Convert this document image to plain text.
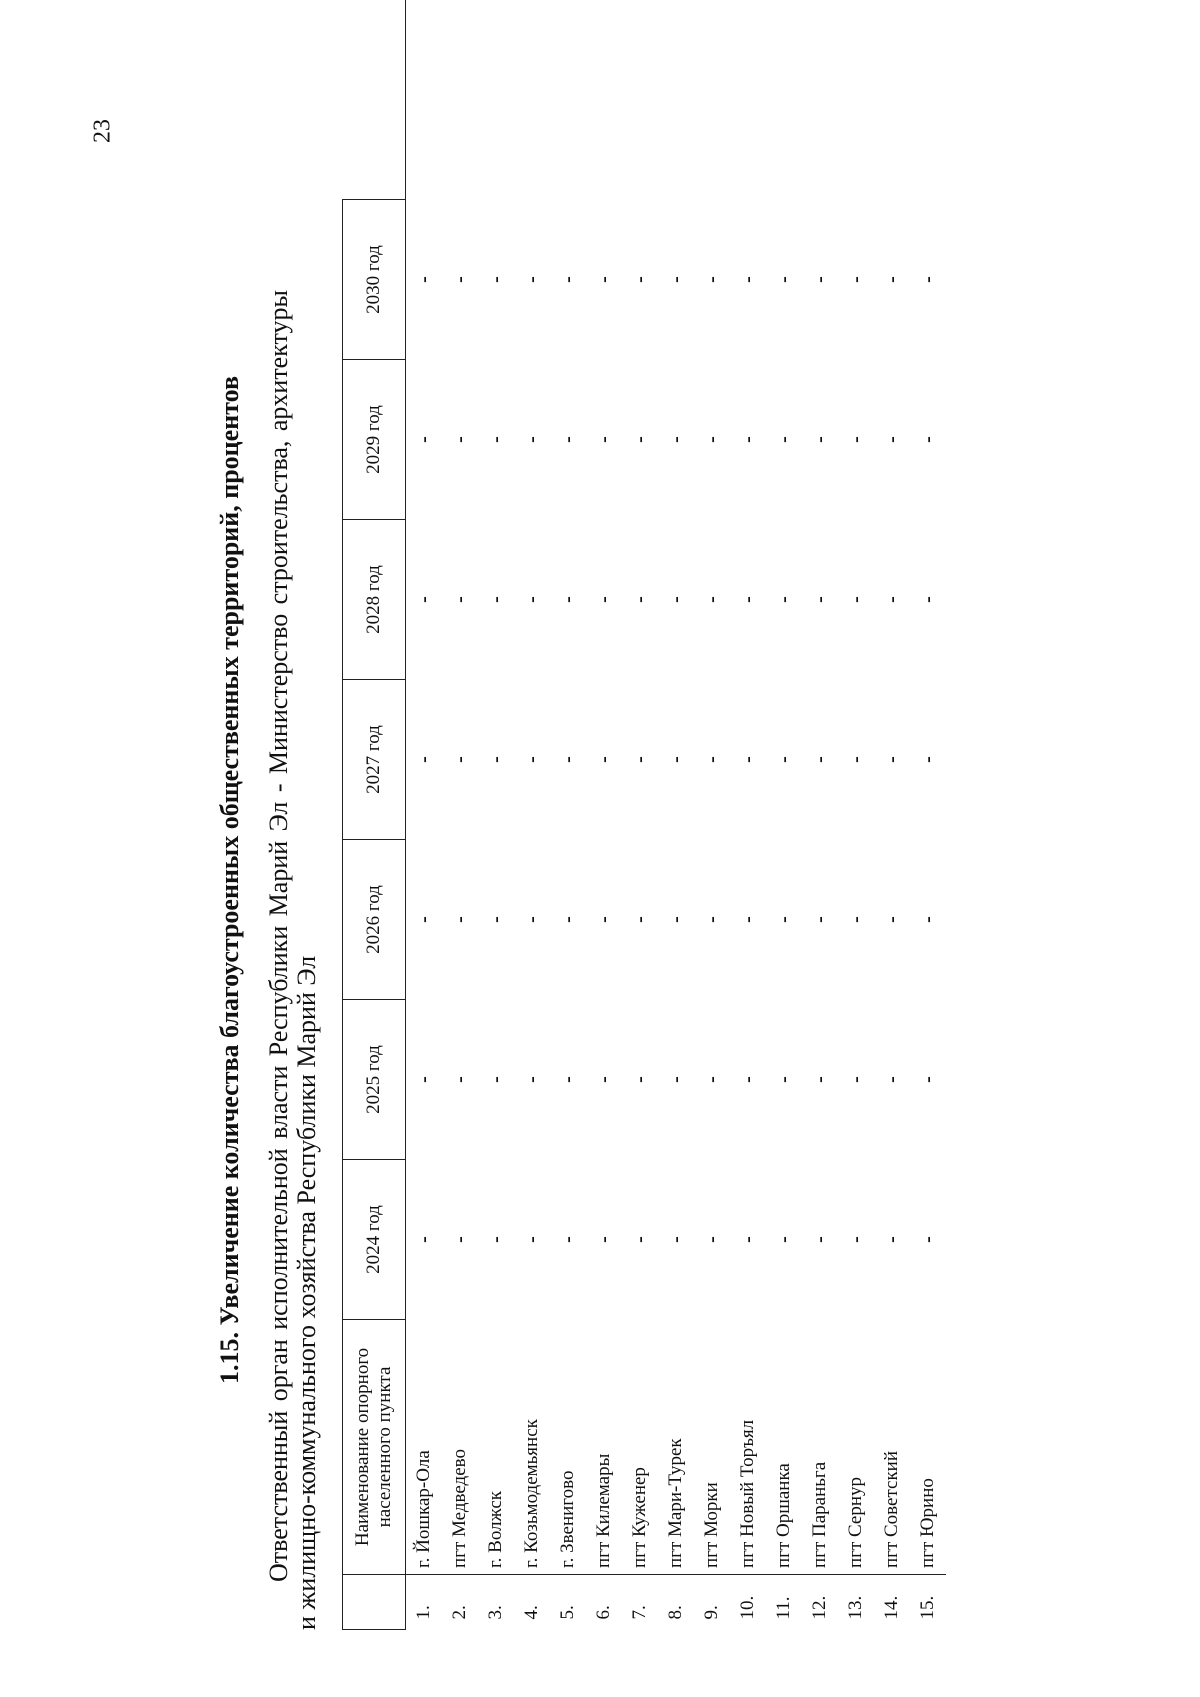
23
1.15. Увеличение количества благоустроенных общественных территорий, процентов Ответственный орган исполнительной власти Республики Марий Эл - Министерство строительства, архитектуры и жилищно-коммунального хозяйства Республики Марий Эл
	Наименование опорного населенного пункта	2024 год	2025 год	2026 год	2027 год	2028 год	2029 год	2030 год	
1.	г. Йошкар-Ола	-	-	-	-	-	-	-	
2.	пгт Медведево	-	-	-	-	-	-	-	
3.	г. Волжск	-	-	-	-	-	-	-	
4.	г. Козьмодемьянск	-	-	-	-	-	-	-	
5.	г. Звенигово	-	-	-	-	-	-	-	
6.	пгт Килемары	-	-	-	-	-	-	-	
7.	пгт Куженер	-	-	-	-	-	-	-	
8.	пгт Мари-Турек	-	-	-	-	-	-	-	
9.	пгт Морки	-	-	-	-	-	-	-	
10.	пгт Новый Торъял	-	-	-	-	-	-	-	
11.	пгт Оршанка	-	-	-	-	-	-	-	
12.	пгт Параньга	-	-	-	-	-	-	-	
13.	пгт Сернур	-	-	-	-	-	-	-	
14.	пгт Советский	-	-	-	-	-	-	-	
15.	пгт Юрино	-	-	-	-	-	-	-	
